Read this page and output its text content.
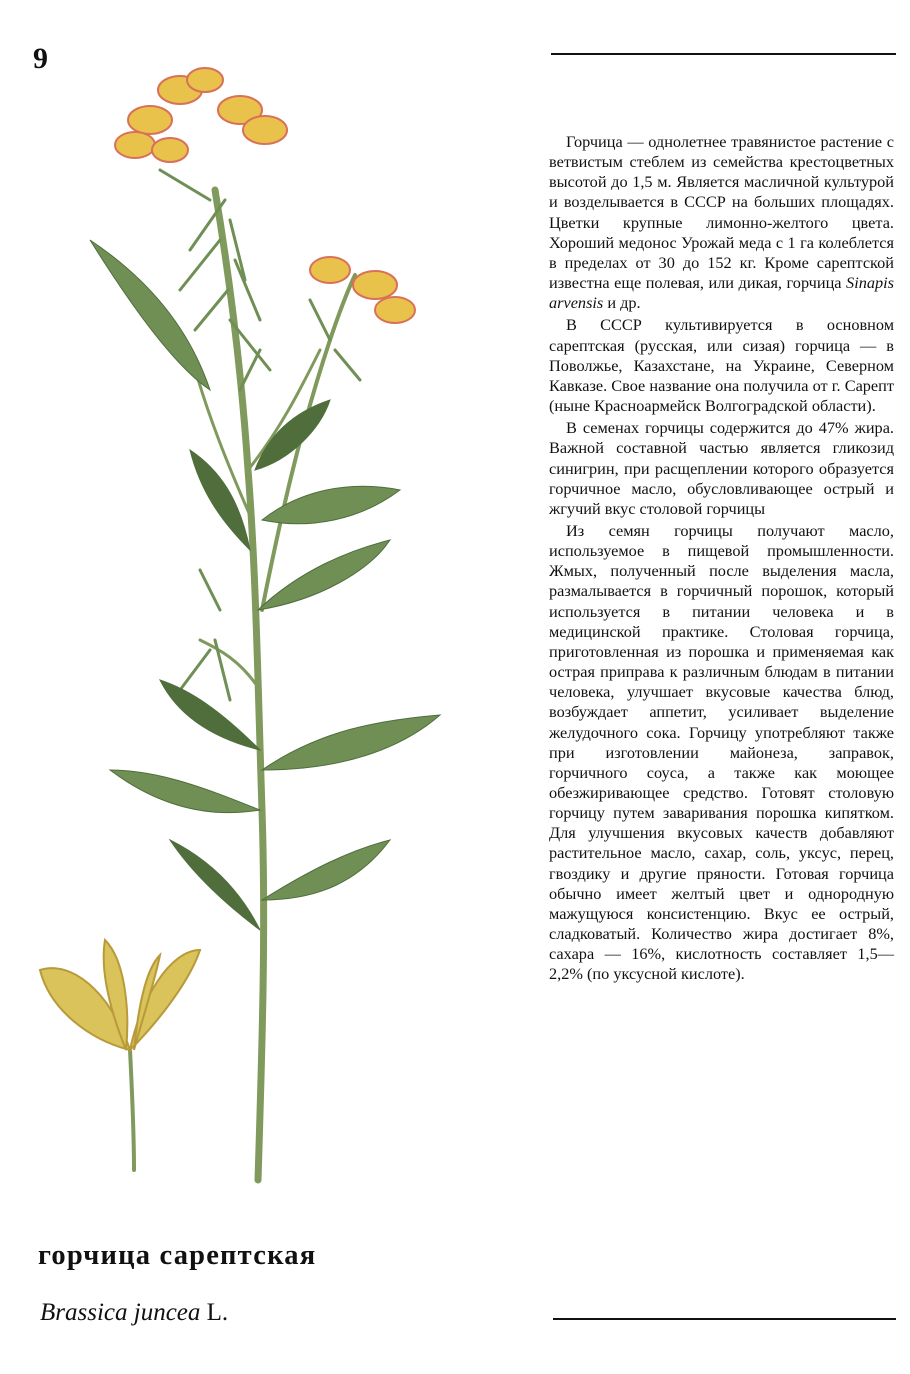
9

Горчица — однолетнее травянистое растение с ветвистым стеблем из семейства крестоцветных высотой до 1,5 м. Является масличной культурой и возделывается в СССР на больших площадях. Цветки крупные лимонно-желтого цвета. Хороший медонос Урожай меда с 1 га колеблется в пределах от 30 до 152 кг. Кроме сарептской известна еще полевая, или дикая, горчица Sinapis arvensis и др.

В СССР культивируется в основном сарептская (русская, или сизая) горчица — в Поволжье, Казахстане, на Украине, Северном Кавказе. Свое название она получила от г. Сарепт (ныне Красноармейск Волгоградской области).

В семенах горчицы содержится до 47% жира. Важной составной частью является гликозид синигрин, при расщеплении которого образуется горчичное масло, обусловливающее острый и жгучий вкус столовой горчицы

Из семян горчицы получают масло, используемое в пищевой промышленности. Жмых, полученный после выделения масла, размалывается в горчичный порошок, который используется в питании человека и в медицинской практике. Столовая горчица, приготовленная из порошка и применяемая как острая приправа к различным блюдам в питании человека, улучшает вкусовые качества блюд, возбуждает аппетит, усиливает выделение желудочного сока. Горчицу употребляют также при изготовлении майонеза, заправок, горчичного соуса, а также как моющее обезжиривающее средство. Готовят столовую горчицу путем заваривания порошка кипятком. Для улучшения вкусовых качеств добавляют растительное масло, сахар, соль, уксус, перец, гвоздику и другие пряности. Готовая горчица обычно имеет желтый цвет и однородную мажущуюся консистенцию. Вкус ее острый, сладковатый. Количество жира достигает 8%, сахара — 16%, кислотность составляет 1,5—2,2% (по уксусной кислоте).

горчица сарептская
Brassica juncea L.
